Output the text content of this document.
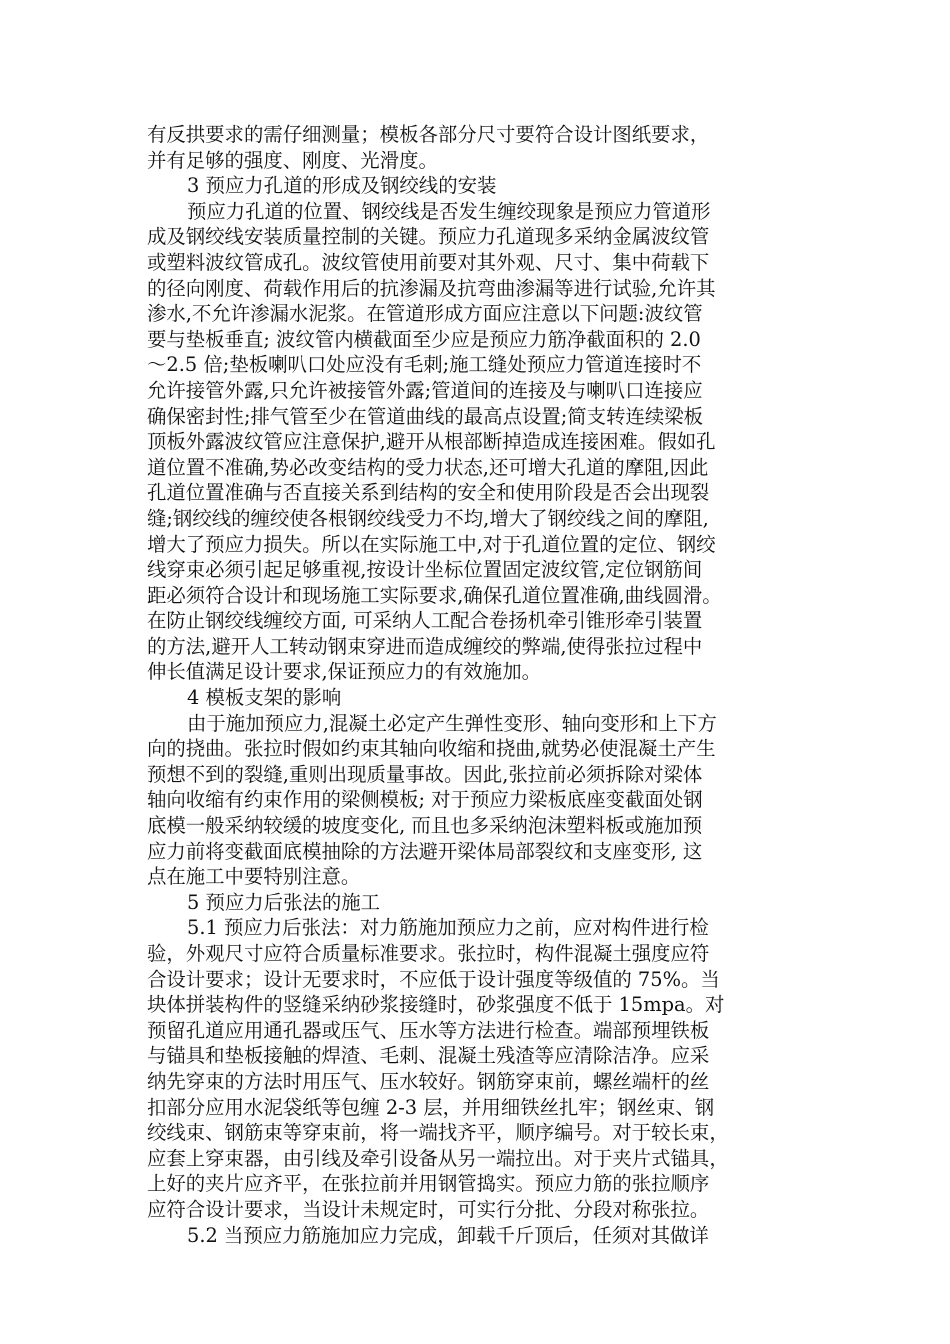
有反拱要求的需仔细测量；模板各部分尺寸要符合设计图纸要求，
并有足够的强度、刚度、光滑度。
3 预应力孔道的形成及钢绞线的安装
预应力孔道的位置、钢绞线是否发生缠绞现象是预应力管道形
成及钢绞线安装质量控制的关键。预应力孔道现多采纳金属波纹管
或塑料波纹管成孔。波纹管使用前要对其外观、尺寸、集中荷载下
的径向刚度、荷载作用后的抗渗漏及抗弯曲渗漏等进行试验,允许其
渗水,不允许渗漏水泥浆。在管道形成方面应注意以下问题:波纹管
要与垫板垂直; 波纹管内横截面至少应是预应力筋净截面积的 2.0
～2.5 倍;垫板喇叭口处应没有毛刺;施工缝处预应力管道连接时不
允许接管外露,只允许被接管外露;管道间的连接及与喇叭口连接应
确保密封性;排气管至少在管道曲线的最高点设置;简支转连续梁板
顶板外露波纹管应注意保护,避开从根部断掉造成连接困难。假如孔
道位置不准确,势必改变结构的受力状态,还可增大孔道的摩阻,因此
孔道位置准确与否直接关系到结构的安全和使用阶段是否会出现裂
缝;钢绞线的缠绞使各根钢绞线受力不均,增大了钢绞线之间的摩阻,
增大了预应力损失。所以在实际施工中,对于孔道位置的定位、钢绞
线穿束必须引起足够重视,按设计坐标位置固定波纹管,定位钢筋间
距必须符合设计和现场施工实际要求,确保孔道位置准确,曲线圆滑。
在防止钢绞线缠绞方面, 可采纳人工配合卷扬机牵引锥形牵引装置
的方法,避开人工转动钢束穿进而造成缠绞的弊端,使得张拉过程中
伸长值满足设计要求,保证预应力的有效施加。
4 模板支架的影响
由于施加预应力,混凝土必定产生弹性变形、轴向变形和上下方
向的挠曲。张拉时假如约束其轴向收缩和挠曲,就势必使混凝土产生
预想不到的裂缝,重则出现质量事故。因此,张拉前必须拆除对梁体
轴向收缩有约束作用的梁侧模板; 对于预应力梁板底座变截面处钢
底模一般采纳较缓的坡度变化, 而且也多采纳泡沫塑料板或施加预
应力前将变截面底模抽除的方法避开梁体局部裂纹和支座变形, 这
点在施工中要特别注意。
5 预应力后张法的施工
5.1 预应力后张法：对力筋施加预应力之前，应对构件进行检
验，外观尺寸应符合质量标准要求。张拉时，构件混凝土强度应符
合设计要求；设计无要求时，不应低于设计强度等级值的 75%。当
块体拼装构件的竖缝采纳砂浆接缝时，砂浆强度不低于 15mpa。对
预留孔道应用通孔器或压气、压水等方法进行检查。端部预埋铁板
与锚具和垫板接触的焊渣、毛刺、混凝土残渣等应清除洁净。应采
纳先穿束的方法时用压气、压水较好。钢筋穿束前，螺丝端杆的丝
扣部分应用水泥袋纸等包缠 2-3 层，并用细铁丝扎牢；钢丝束、钢
绞线束、钢筋束等穿束前，将一端找齐平，顺序编号。对于较长束，
应套上穿束器，由引线及牵引设备从另一端拉出。对于夹片式锚具，
上好的夹片应齐平，在张拉前并用钢管捣实。预应力筋的张拉顺序
应符合设计要求，当设计未规定时，可实行分批、分段对称张拉。
5.2 当预应力筋施加应力完成，卸载千斤顶后，任须对其做详
